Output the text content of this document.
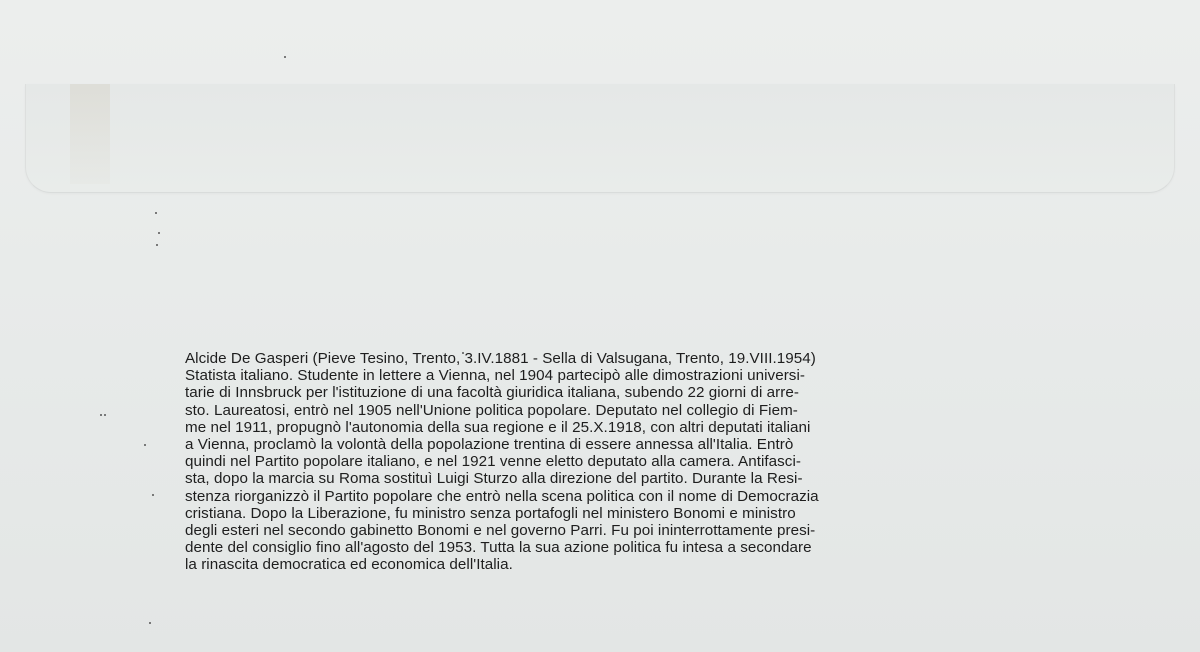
Alcide De Gasperi (Pieve Tesino, Trento, 3.IV.1881 - Sella di Valsugana, Trento, 19.VIII.1954)
Statista italiano. Studente in lettere a Vienna, nel 1904 partecipò alle dimostrazioni universi-
tarie di Innsbruck per l'istituzione di una facoltà giuridica italiana, subendo 22 giorni di arre-
sto. Laureatosi, entrò nel 1905 nell'Unione politica popolare. Deputato nel collegio di Fiem-
me nel 1911, propugnò l'autonomia della sua regione e il 25.X.1918, con altri deputati italiani
a Vienna, proclamò la volontà della popolazione trentina di essere annessa all'Italia. Entrò
quindi nel Partito popolare italiano, e nel 1921 venne eletto deputato alla camera. Antifasci-
sta, dopo la marcia su Roma sostituì Luigi Sturzo alla direzione del partito. Durante la Resi-
stenza riorganizzò il Partito popolare che entrò nella scena politica con il nome di Democrazia
cristiana. Dopo la Liberazione, fu ministro senza portafogli nel ministero Bonomi e ministro
degli esteri nel secondo gabinetto Bonomi e nel governo Parri. Fu poi ininterrottamente presi-
dente del consiglio fino all'agosto del 1953. Tutta la sua azione politica fu intesa a secondare
la rinascita democratica ed economica dell'Italia.
